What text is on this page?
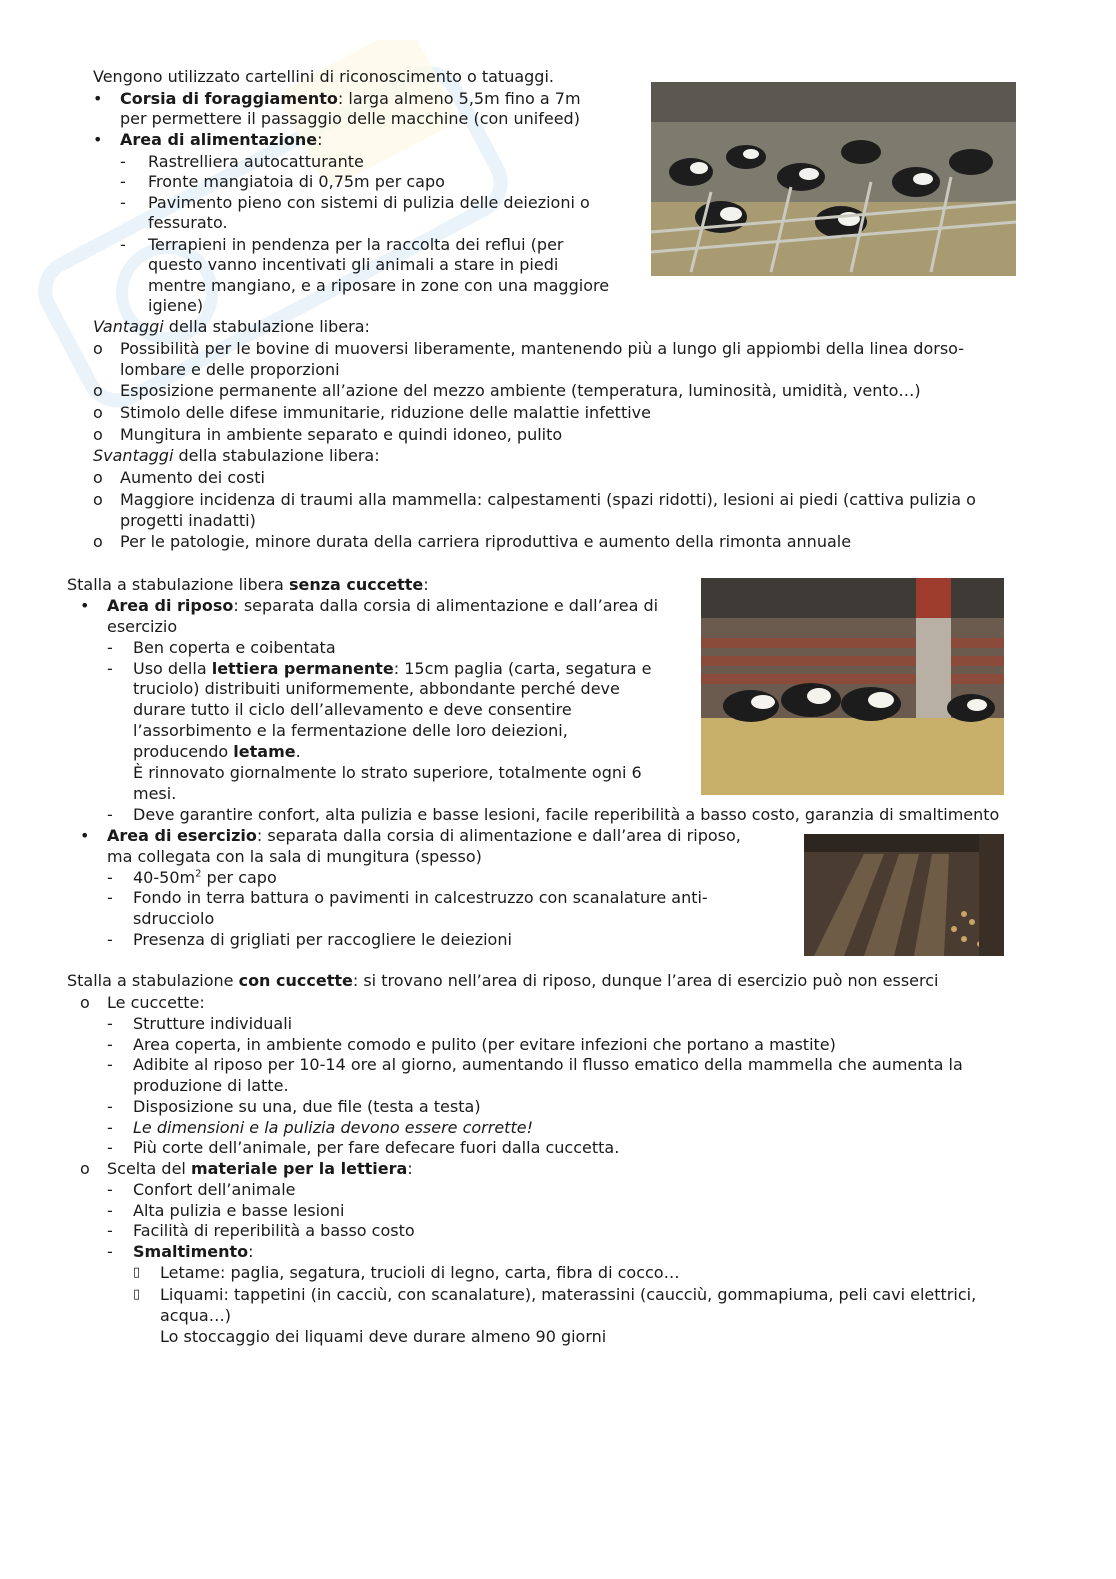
Vengono utilizzato cartellini di riconoscimento o tatuaggi.
• Corsia di foraggiamento: larga almeno 5,5m fino a 7m
per permettere il passaggio delle macchine (con unifeed)
• Area di alimentazione:
- Rastrelliera autocatturante
- Fronte mangiatoia di 0,75m per capo
- Pavimento pieno con sistemi di pulizia delle deiezioni o
fessurato.
- Terrapieni in pendenza per la raccolta dei reflui (per
questo vanno incentivati gli animali a stare in piedi
mentre mangiano, e a riposare in zone con una maggiore
igiene)
Vantaggi della stabulazione libera:
o Possibilità per le bovine di muoversi liberamente, mantenendo più a lungo gli appiombi della linea dorso-
lombare e delle proporzioni
o Esposizione permanente all’azione del mezzo ambiente (temperatura, luminosità, umidità, vento…)
o Stimolo delle difese immunitarie, riduzione delle malattie infettive
o Mungitura in ambiente separato e quindi idoneo, pulito
Svantaggi della stabulazione libera:
o Aumento dei costi
o Maggiore incidenza di traumi alla mammella: calpestamenti (spazi ridotti), lesioni ai piedi (cattiva pulizia o
progetti inadatti)
o Per le patologie, minore durata della carriera riproduttiva e aumento della rimonta annuale
Stalla a stabulazione libera senza cuccette:
• Area di riposo: separata dalla corsia di alimentazione e dall’area di
esercizio
- Ben coperta e coibentata
- Uso della lettiera permanente: 15cm paglia (carta, segatura e
truciolo) distribuiti uniformemente, abbondante perché deve
durare tutto il ciclo dell’allevamento e deve consentire
l’assorbimento e la fermentazione delle loro deiezioni,
producendo letame.
È rinnovato giornalmente lo strato superiore, totalmente ogni 6
mesi.
- Deve garantire confort, alta pulizia e basse lesioni, facile reperibilità a basso costo, garanzia di smaltimento
• Area di esercizio: separata dalla corsia di alimentazione e dall’area di riposo,
ma collegata con la sala di mungitura (spesso)
- $40-50m^2$ per capo
- Fondo in terra battura o pavimenti in calcestruzzo con scanalature anti-
sdrucciolo
- Presenza di grigliati per raccogliere le deiezioni
Stalla a stabulazione con cuccette: si trovano nell’area di riposo, dunque l’area di esercizio può non esserci
o Le cuccette:
- Strutture individuali
- Area coperta, in ambiente comodo e pulito (per evitare infezioni che portano a mastite)
- Adibite al riposo per 10-14 ore al giorno, aumentando il flusso ematico della mammella che aumenta la
produzione di latte.
- Disposizione su una, due file (testa a testa)
- Le dimensioni e la pulizia devono essere corrette!
- Più corte dell’animale, per fare defecare fuori dalla cuccetta.
o Scelta del materiale per la lettiera:
- Confort dell’animale
- Alta pulizia e basse lesioni
- Facilità di reperibilità a basso costo
- Smaltimento:
▯ Letame: paglia, segatura, trucioli di legno, carta, fibra di cocco…
▯ Liquami: tappetini (in cacciù, con scanalature), materassini (caucciù, gommapiuma, peli cavi elettrici,
acqua…)
Lo stoccaggio dei liquami deve durare almeno 90 giorni
